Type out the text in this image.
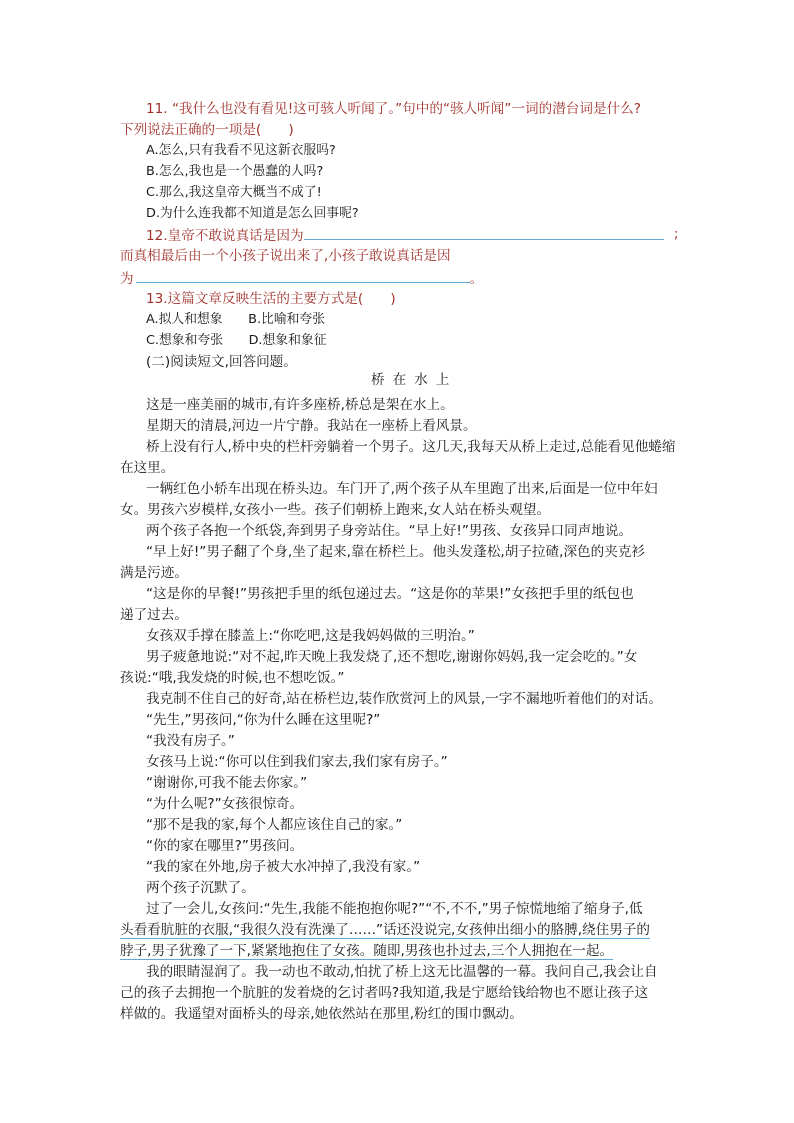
11. “我什么也没有看见!这可骇人听闻了。”句中的“骇人听闻”一词的潜台词是什么?
下列说法正确的一项是(　　)
A.怎么,只有我看不见这新衣服吗?
B.怎么,我也是一个愚蠢的人吗?
C.那么,我这皇帝大概当不成了!
D.为什么连我都不知道是怎么回事呢?
12.皇帝不敢说真话是因为	;
而真相最后由一个小孩子说出来了,小孩子敢说真话是因
为	。
13.这篇文章反映生活的主要方式是(　　)
A.拟人和想象　　B.比喻和夸张
C.想象和夸张　　D.想象和象征
(二)阅读短文,回答问题。
桥在水上
这是一座美丽的城市,有许多座桥,桥总是架在水上。
星期天的清晨,河边一片宁静。我站在一座桥上看风景。
桥上没有行人,桥中央的栏杆旁躺着一个男子。这几天,我每天从桥上走过,总能看见他蜷缩
在这里。
一辆红色小轿车出现在桥头边。车门开了,两个孩子从车里跑了出来,后面是一位中年妇
女。男孩六岁模样,女孩小一些。孩子们朝桥上跑来,女人站在桥头观望。
两个孩子各抱一个纸袋,奔到男子身旁站住。“早上好!”男孩、女孩异口同声地说。
“早上好!”男子翻了个身,坐了起来,靠在桥栏上。他头发蓬松,胡子拉碴,深色的夹克衫
满是污迹。
“这是你的早餐!”男孩把手里的纸包递过去。“这是你的苹果!”女孩把手里的纸包也
递了过去。
女孩双手撑在膝盖上:“你吃吧,这是我妈妈做的三明治。”
男子疲惫地说:“对不起,昨天晚上我发烧了,还不想吃,谢谢你妈妈,我一定会吃的。”女
孩说:“哦,我发烧的时候,也不想吃饭。”
我克制不住自己的好奇,站在桥栏边,装作欣赏河上的风景,一字不漏地听着他们的对话。
“先生,”男孩问,“你为什么睡在这里呢?”
“我没有房子。”
女孩马上说:“你可以住到我们家去,我们家有房子。”
“谢谢你,可我不能去你家。”
“为什么呢?”女孩很惊奇。
“那不是我的家,每个人都应该住自己的家。”
“你的家在哪里?”男孩问。
“我的家在外地,房子被大水冲掉了,我没有家。”
两个孩子沉默了。
过了一会儿,女孩问:“先生,我能不能抱抱你呢?”“不,不不,”男子惊慌地缩了缩身子,低
头看看肮脏的衣服,“我很久没有洗澡了……”话还没说完,女孩伸出细小的胳膊,绕住男子的
脖子,男子犹豫了一下,紧紧地抱住了女孩。随即,男孩也扑过去,三个人拥抱在一起。
我的眼睛湿润了。我一动也不敢动,怕扰了桥上这无比温馨的一幕。我问自己,我会让自
己的孩子去拥抱一个肮脏的发着烧的乞讨者吗?我知道,我是宁愿给钱给物也不愿让孩子这
样做的。我遥望对面桥头的母亲,她依然站在那里,粉红的围巾飘动。
